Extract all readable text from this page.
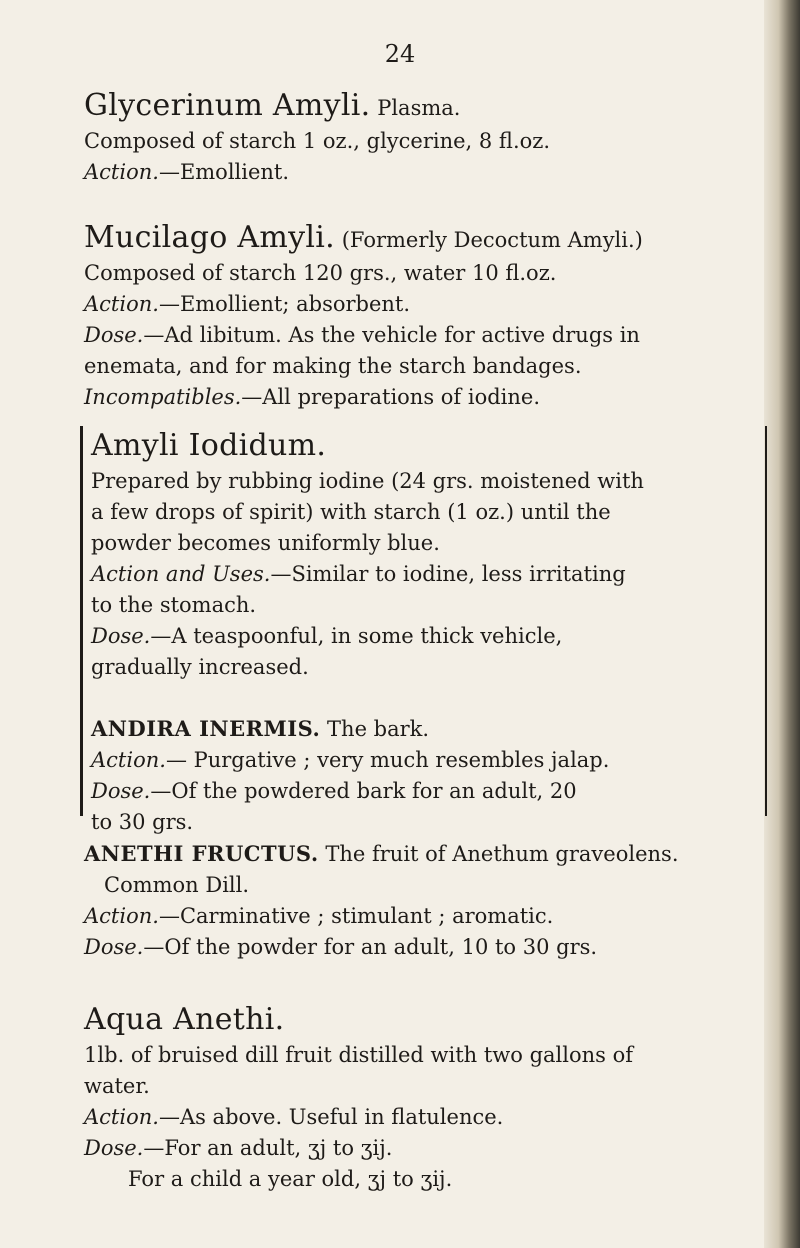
24
Glycerinum Amyli. Plasma.
Composed of starch 1 oz., glycerine, 8 fl.oz.
Action.—Emollient.
Mucilago Amyli. (Formerly Decoctum Amyli.)
Composed of starch 120 grs., water 10 fl.oz.
Action.—Emollient; absorbent.
Dose.—Ad libitum. As the vehicle for active drugs in
enemata, and for making the starch bandages.
Incompatibles.—All preparations of iodine.
Amyli Iodidum.
Prepared by rubbing iodine (24 grs. moistened with
a few drops of spirit) with starch (1 oz.) until the
powder becomes uniformly blue.
Action and Uses.—Similar to iodine, less irritating
to the stomach.
Dose.—A teaspoonful, in some thick vehicle,
gradually increased.
ANDIRA INERMIS. The bark.
Action.— Purgative ; very much resembles jalap.
Dose.—Of the powdered bark for an adult, 20
to 30 grs.
ANETHI FRUCTUS. The fruit of Anethum graveolens.
Common Dill.
Action.—Carminative ; stimulant ; aromatic.
Dose.—Of the powder for an adult, 10 to 30 grs.
Aqua Anethi.
1lb. of bruised dill fruit distilled with two gallons of
water.
Action.—As above. Useful in flatulence.
Dose.—For an adult, ʒj to ʒij.
For a child a year old, ʒj to ʒij.
